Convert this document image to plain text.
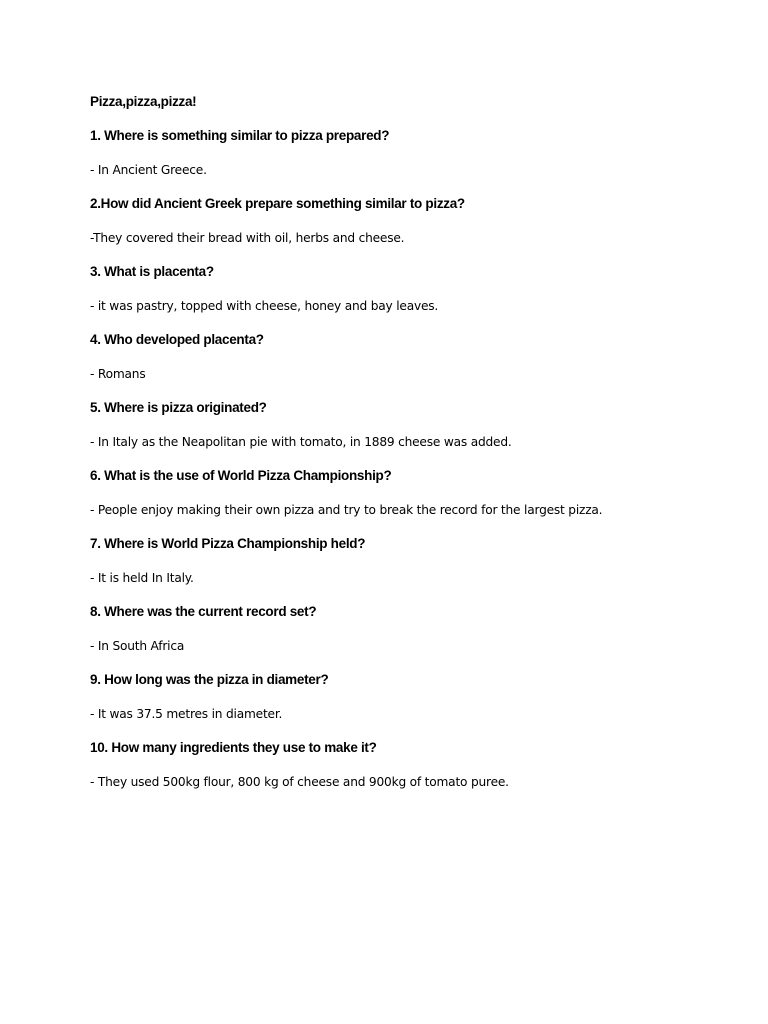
Pizza,pizza,pizza!
1. Where is something similar to pizza prepared?
- In Ancient Greece.
2.How did Ancient Greek prepare something similar to pizza?
-They covered their bread with oil, herbs and cheese.
3. What is placenta?
- it was pastry, topped with cheese, honey and bay leaves.
4. Who developed placenta?
- Romans
5. Where is pizza originated?
- In Italy as the Neapolitan pie with tomato, in 1889 cheese was added.
6. What is the use of World Pizza Championship?
- People enjoy making their own pizza and try to break the record for the largest pizza.
7. Where is World Pizza Championship held?
- It is held In Italy.
8. Where was the current record set?
- In South Africa
9. How long was the pizza in diameter?
- It was 37.5 metres in diameter.
10. How many ingredients they use to make it?
- They used 500kg flour, 800 kg of cheese and 900kg of tomato puree.
